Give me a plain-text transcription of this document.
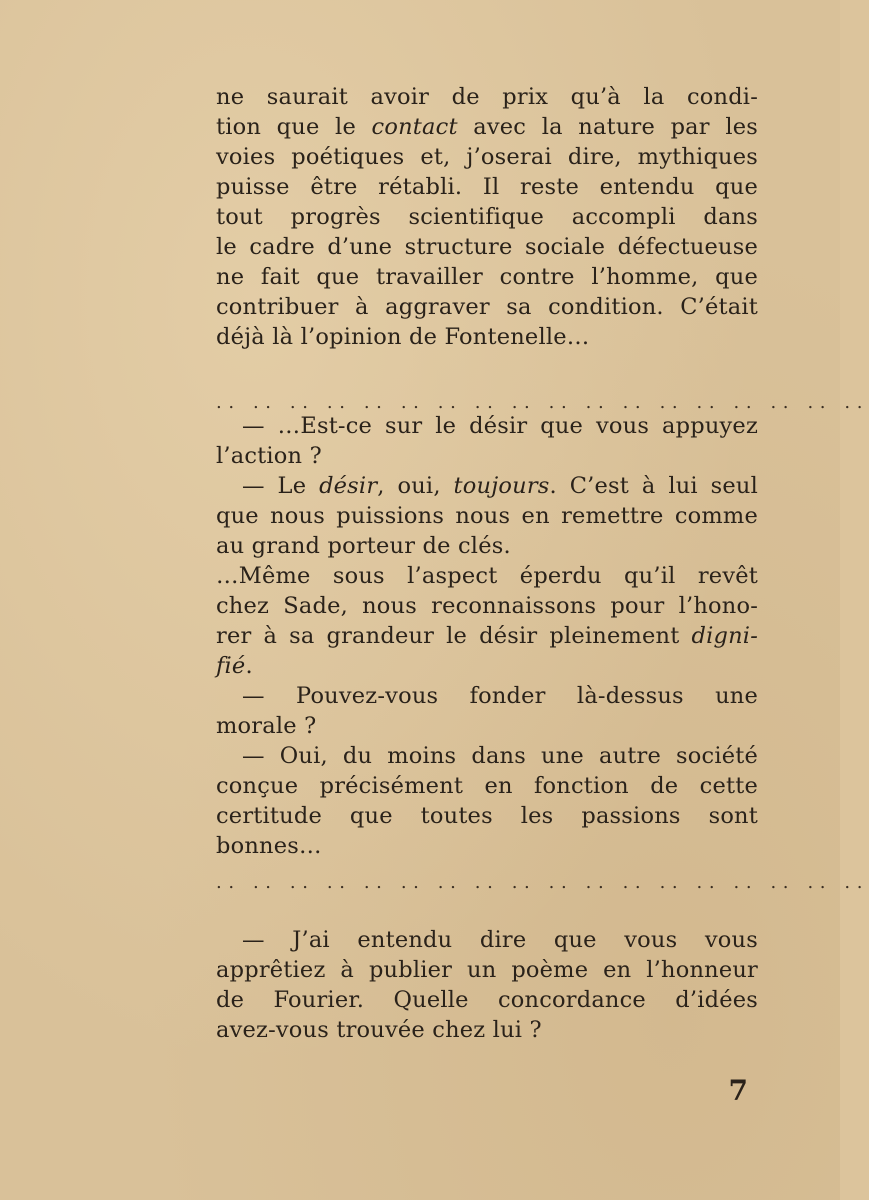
ne saurait avoir de prix qu’à la condi-
tion que le contact avec la nature par les
voies poétiques et, j’oserai dire, mythiques
puisse être rétabli. Il reste entendu que
tout progrès scientifique accompli dans
le cadre d’une structure sociale défectueuse
ne fait que travailler contre l’homme, que
contribuer à aggraver sa condition. C’était
déjà là l’opinion de Fontenelle…
.. .. .. .. .. .. .. .. .. .. .. .. .. .. .. .. .. ..
— …Est-ce sur le désir que vous appuyez
l’action ?
— Le désir, oui, toujours. C’est à lui seul
que nous puissions nous en remettre comme
au grand porteur de clés.
…Même sous l’aspect éperdu qu’il revêt
chez Sade, nous reconnaissons pour l’hono-
rer à sa grandeur le désir pleinement digni-
fié.
— Pouvez-vous fonder là-dessus une
morale ?
— Oui, du moins dans une autre société
conçue précisément en fonction de cette
certitude que toutes les passions sont
bonnes…
.. .. .. .. .. .. .. .. .. .. .. .. .. .. .. .. .. ..
— J’ai entendu dire que vous vous
apprêtiez à publier un poème en l’honneur
de Fourier. Quelle concordance d’idées
avez-vous trouvée chez lui ?
7
